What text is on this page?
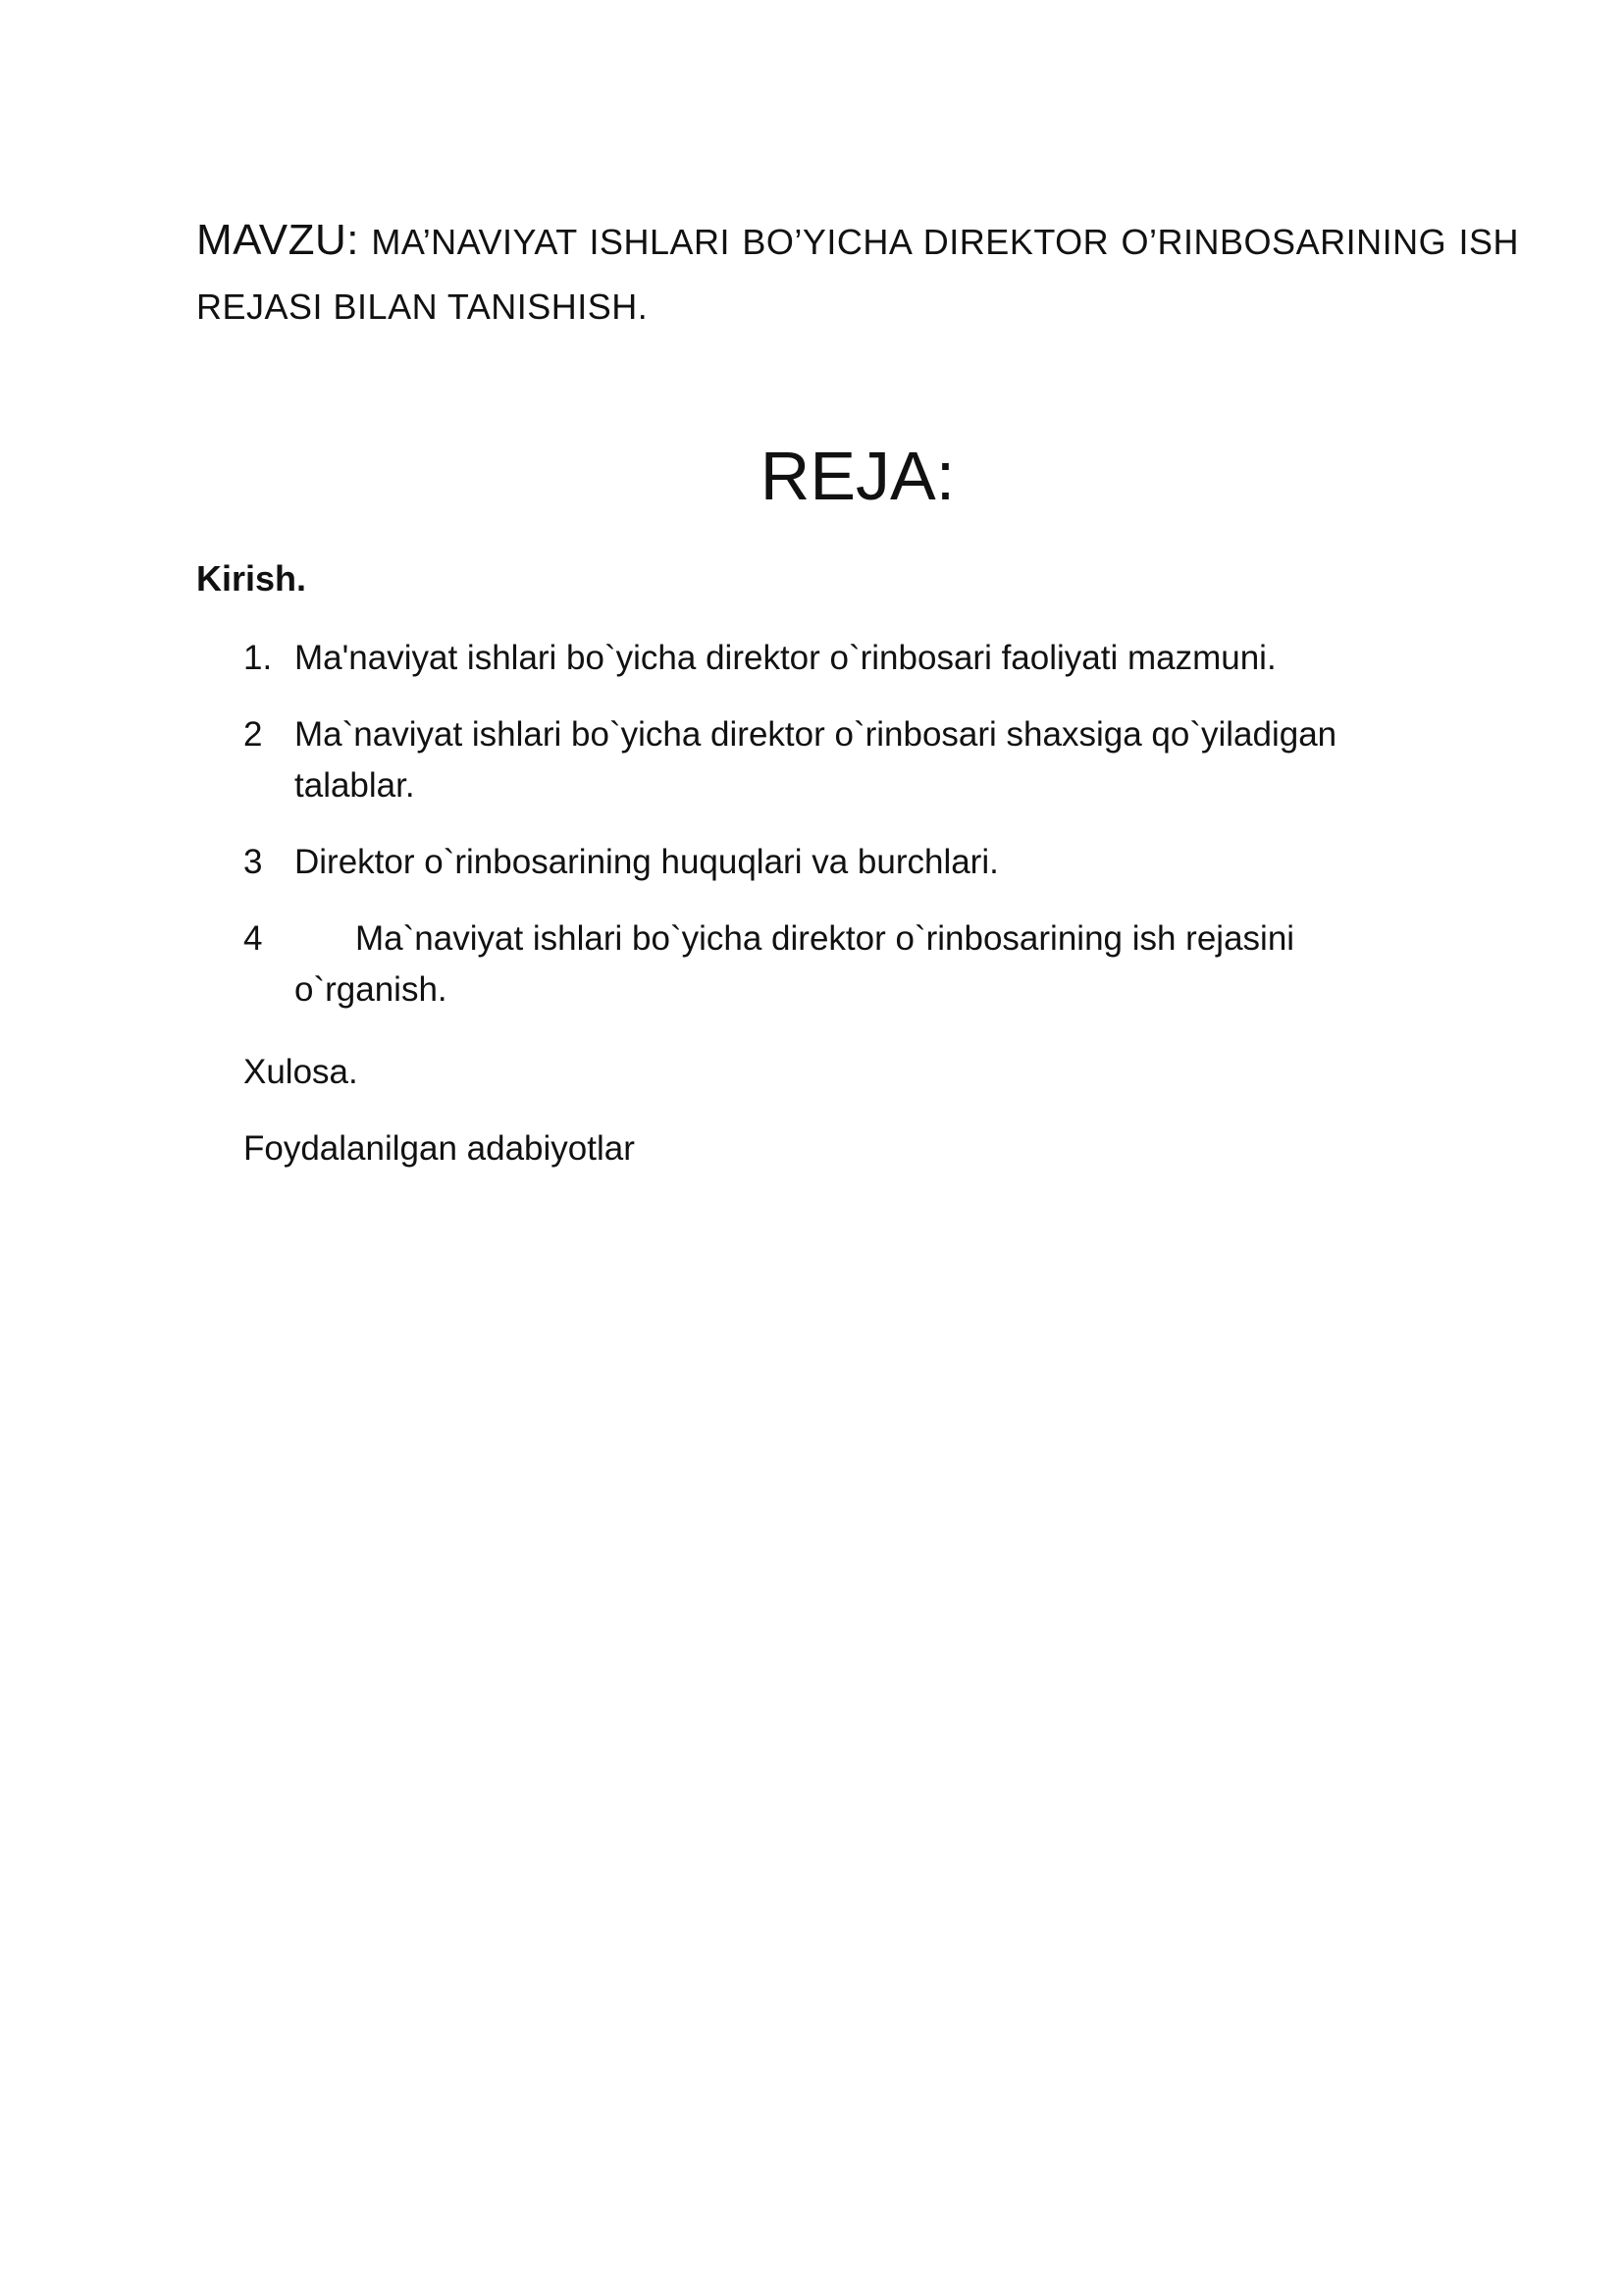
MAVZU: MA’NAVIYAT ISHLARI BO’YICHA DIREKTOR O’RINBOSARINING ISH REJASI BILAN TANISHISH.
REJA:
Kirish.
1. Ma'naviyat ishlari bo`yicha direktor o`rinbosari faoliyati mazmuni.
2 Ma`naviyat ishlari bo`yicha direktor o`rinbosari shaxsiga qo`yiladigan talablar.
3 Direktor o`rinbosarining huquqlari va burchlari.
4	Ma`naviyat ishlari bo`yicha direktor o`rinbosarining ish rejasini o`rganish.
Xulosa.
Foydalanilgan adabiyotlar
